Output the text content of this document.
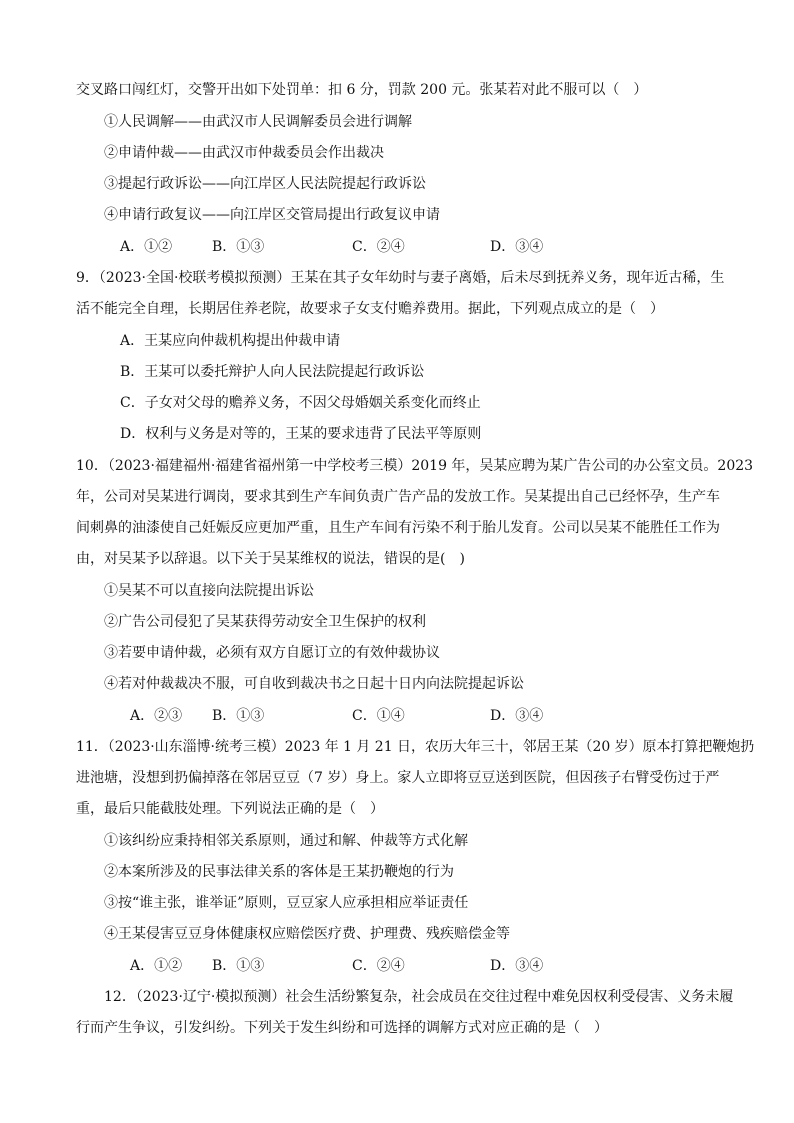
交叉路口闯红灯，交警开出如下处罚单：扣 6 分，罚款 200 元。张某若对此不服可以（　）
①人民调解——由武汉市人民调解委员会进行调解
②申请仲裁——由武汉市仲裁委员会作出裁决
③提起行政诉讼——向江岸区人民法院提起行政诉讼
④申请行政复议——向江岸区交管局提出行政复议申请
A．①②	B．①③	C．②④	D．③④
9．（2023·全国·校联考模拟预测）王某在其子女年幼时与妻子离婚，后未尽到抚养义务，现年近古稀，生
活不能完全自理，长期居住养老院，故要求子女支付赡养费用。据此，下列观点成立的是（　）
A．王某应向仲裁机构提出仲裁申请
B．王某可以委托辩护人向人民法院提起行政诉讼
C．子女对父母的赡养义务，不因父母婚姻关系变化而终止
D．权利与义务是对等的，王某的要求违背了民法平等原则
10．（2023·福建福州·福建省福州第一中学校考三模）2019 年，吴某应聘为某广告公司的办公室文员。2023
年，公司对吴某进行调岗，要求其到生产车间负责广告产品的发放工作。吴某提出自己已经怀孕，生产车
间刺鼻的油漆使自己妊娠反应更加严重，且生产车间有污染不利于胎儿发育。公司以吴某不能胜任工作为
由，对吴某予以辞退。以下关于吴某维权的说法，错误的是(　)
①吴某不可以直接向法院提出诉讼
②广告公司侵犯了吴某获得劳动安全卫生保护的权利
③若要申请仲裁，必须有双方自愿订立的有效仲裁协议
④若对仲裁裁决不服，可自收到裁决书之日起十日内向法院提起诉讼
A．②③ B．①③	C．①④	D．③④
11．（2023·山东淄博·统考三模）2023 年 1 月 21 日，农历大年三十，邻居王某（20 岁）原本打算把鞭炮扔
进池塘，没想到扔偏掉落在邻居豆豆（7 岁）身上。家人立即将豆豆送到医院，但因孩子右臂受伤过于严
重，最后只能截肢处理。下列说法正确的是（　）
①该纠纷应秉持相邻关系原则，通过和解、仲裁等方式化解
②本案所涉及的民事法律关系的客体是王某扔鞭炮的行为
③按“谁主张，谁举证”原则，豆豆家人应承担相应举证责任
④王某侵害豆豆身体健康权应赔偿医疗费、护理费、残疾赔偿金等
A．①② B．①③	C．②④	D．③④
12．（2023·辽宁·模拟预测）社会生活纷繁复杂，社会成员在交往过程中难免因权利受侵害、义务未履
行而产生争议，引发纠纷。下列关于发生纠纷和可选择的调解方式对应正确的是（　）
